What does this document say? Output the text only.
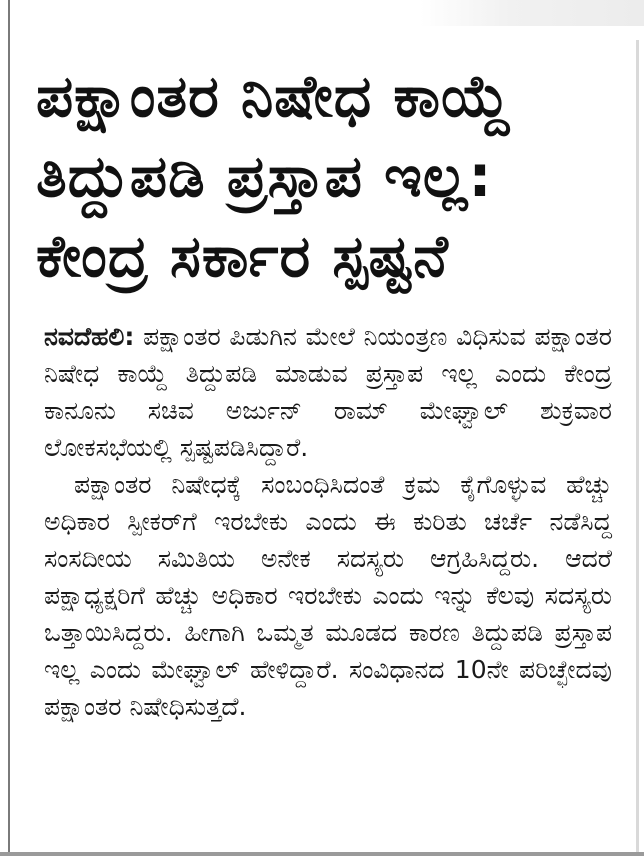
ಪಕ್ಷಾಂತರ ನಿಷೇಧ ಕಾಯ್ದೆ
ತಿದ್ದುಪಡಿ ಪ್ರಸ್ತಾಪ ಇಲ್ಲ:
ಕೇಂದ್ರ ಸರ್ಕಾರ ಸ್ಪಷ್ಟನೆ

ನವದೆಹಲಿ: ಪಕ್ಷಾಂತರ ಪಿಡುಗಿನ ಮೇಲೆ ನಿಯಂತ್ರಣ ವಿಧಿಸುವ ಪಕ್ಷಾಂತರ ನಿಷೇಧ ಕಾಯ್ದೆ ತಿದ್ದುಪಡಿ ಮಾಡುವ ಪ್ರಸ್ತಾಪ ಇಲ್ಲ ಎಂದು ಕೇಂದ್ರ ಕಾನೂನು ಸಚಿವ ಅರ್ಜುನ್ ರಾಮ್ ಮೇಘ್ವಾಲ್ ಶುಕ್ರವಾರ ಲೋಕಸಭೆಯಲ್ಲಿ ಸ್ಪಷ್ಟಪಡಿಸಿದ್ದಾರೆ.

ಪಕ್ಷಾಂತರ ನಿಷೇಧಕ್ಕೆ ಸಂಬಂಧಿಸಿದಂತೆ ಕ್ರಮ ಕೈಗೊಳ್ಳುವ ಹೆಚ್ಚು ಅಧಿಕಾರ ಸ್ಪೀಕರ್‌ಗೆ ಇರಬೇಕು ಎಂದು ಈ ಕುರಿತು ಚರ್ಚೆ ನಡೆಸಿದ್ದ ಸಂಸದೀಯ ಸಮಿತಿಯ ಅನೇಕ ಸದಸ್ಯರು ಆಗ್ರಹಿಸಿದ್ದರು. ಆದರೆ ಪಕ್ಷಾಧ್ಯಕ್ಷರಿಗೆ ಹೆಚ್ಚು ಅಧಿಕಾರ ಇರಬೇಕು ಎಂದು ಇನ್ನು ಕೆಲವು ಸದಸ್ಯರು ಒತ್ತಾಯಿಸಿದ್ದರು. ಹೀಗಾಗಿ ಒಮ್ಮತ ಮೂಡದ ಕಾರಣ ತಿದ್ದುಪಡಿ ಪ್ರಸ್ತಾಪ ಇಲ್ಲ ಎಂದು ಮೇಘ್ವಾಲ್ ಹೇಳಿದ್ದಾರೆ. ಸಂವಿಧಾನದ 10ನೇ ಪರಿಚ್ಛೇದವು ಪಕ್ಷಾಂತರ ನಿಷೇಧಿಸುತ್ತದೆ.
